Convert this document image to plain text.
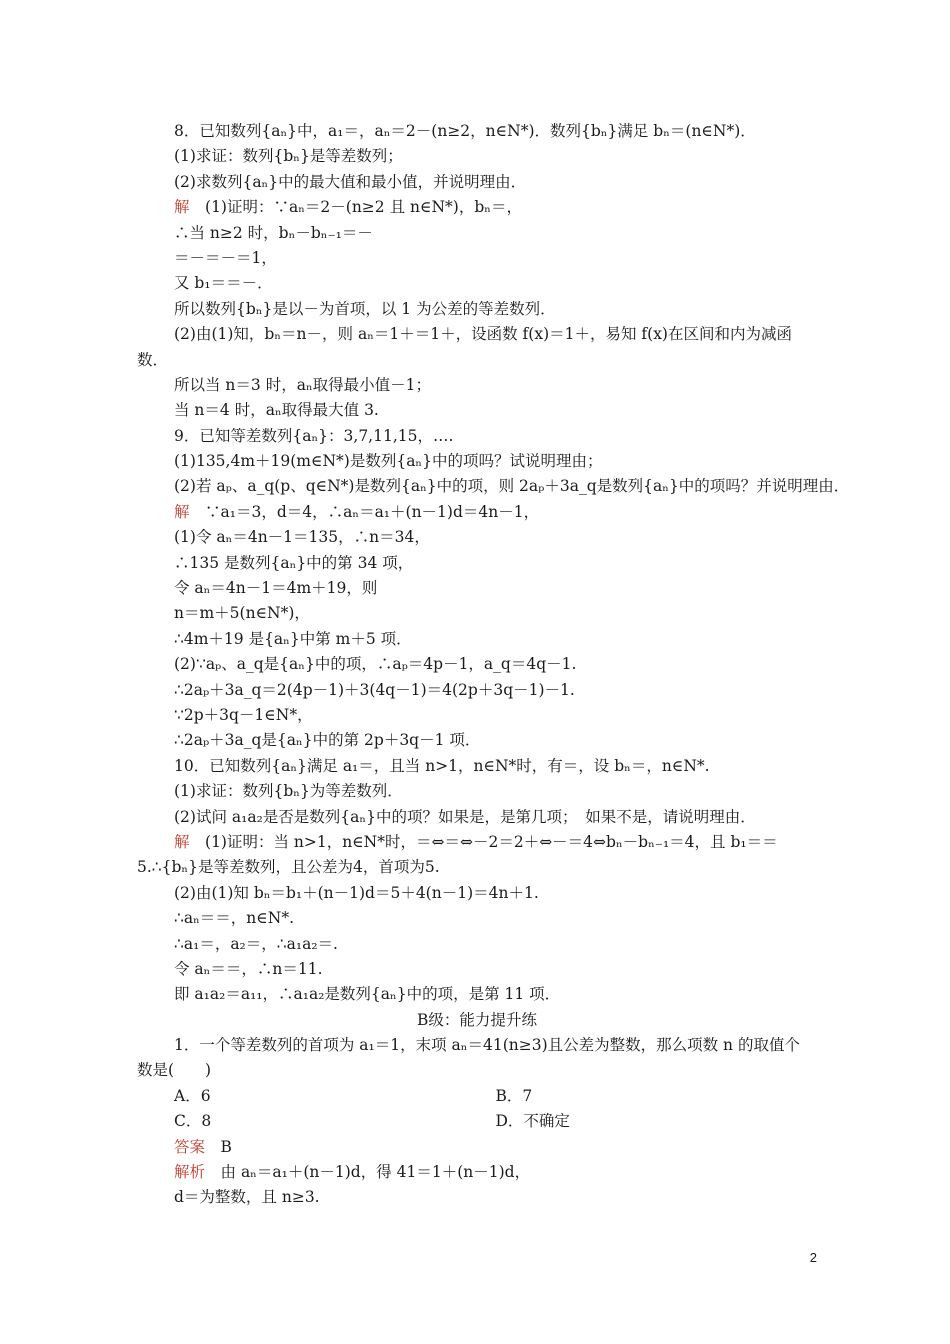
8．已知数列{aₙ}中，a₁＝，aₙ＝2－(n≥2，n∈N*)．数列{bₙ}满足 bₙ＝(n∈N*)．
(1)求证：数列{bₙ}是等差数列；
(2)求数列{aₙ}中的最大值和最小值，并说明理由．
解　(1)证明：∵aₙ＝2－(n≥2 且 n∈N*)，bₙ＝，
∴当 n≥2 时，bₙ－bₙ₋₁＝－
＝－＝－＝1，
又 b₁＝＝－．
所以数列{bₙ}是以－为首项，以 1 为公差的等差数列．
(2)由(1)知，bₙ＝n－，则 aₙ＝1＋＝1＋，设函数 f(x)＝1＋，易知 f(x)在区间和内为减函
数．
所以当 n＝3 时，aₙ取得最小值－1；
当 n＝4 时，aₙ取得最大值 3.
9．已知等差数列{aₙ}：3,7,11,15，….
(1)135,4m＋19(m∈N*)是数列{aₙ}中的项吗？试说明理由；
(2)若 aₚ、a_q(p、q∈N*)是数列{aₙ}中的项，则 2aₚ＋3a_q是数列{aₙ}中的项吗？并说明理由．
解　∵a₁＝3，d＝4，∴aₙ＝a₁＋(n－1)d＝4n－1，
(1)令 aₙ＝4n－1＝135，∴n＝34，
∴135 是数列{aₙ}中的第 34 项，
令 aₙ＝4n－1＝4m＋19，则
n＝m＋5(n∈N*)，
∴4m＋19 是{aₙ}中第 m＋5 项．
(2)∵aₚ、a_q是{aₙ}中的项，∴aₚ＝4p－1，a_q＝4q－1.
∴2aₚ＋3a_q＝2(4p－1)＋3(4q－1)＝4(2p＋3q－1)－1.
∵2p＋3q－1∈N*，
∴2aₚ＋3a_q是{aₙ}中的第 2p＋3q－1 项．
10．已知数列{aₙ}满足 a₁＝，且当 n>1，n∈N*时，有＝，设 bₙ＝，n∈N*.
(1)求证：数列{bₙ}为等差数列．
(2)试问 a₁a₂是否是数列{aₙ}中的项？如果是，是第几项；　如果不是，请说明理由．
解　(1)证明：当 n>1，n∈N*时，＝⇔＝⇔－2＝2＋⇔－＝4⇔bₙ－bₙ₋₁＝4，且 b₁＝＝
5.∴{bₙ}是等差数列，且公差为4，首项为5.
(2)由(1)知 bₙ＝b₁＋(n－1)d＝5＋4(n－1)＝4n＋1.
∴aₙ＝＝，n∈N*.
∴a₁＝，a₂＝，∴a₁a₂＝.
令 aₙ＝＝，∴n＝11.
即 a₁a₂＝a₁₁，∴a₁a₂是数列{aₙ}中的项，是第 11 项．
B级：能力提升练
1．一个等差数列的首项为 a₁＝1，末项 aₙ＝41(n≥3)且公差为整数，那么项数 n 的取值个
数是(　　)
A．6	B．7
C．8	D．不确定
答案　B
解析　由 aₙ＝a₁＋(n－1)d，得 41＝1＋(n－1)d，
d＝为整数，且 n≥3.
2
